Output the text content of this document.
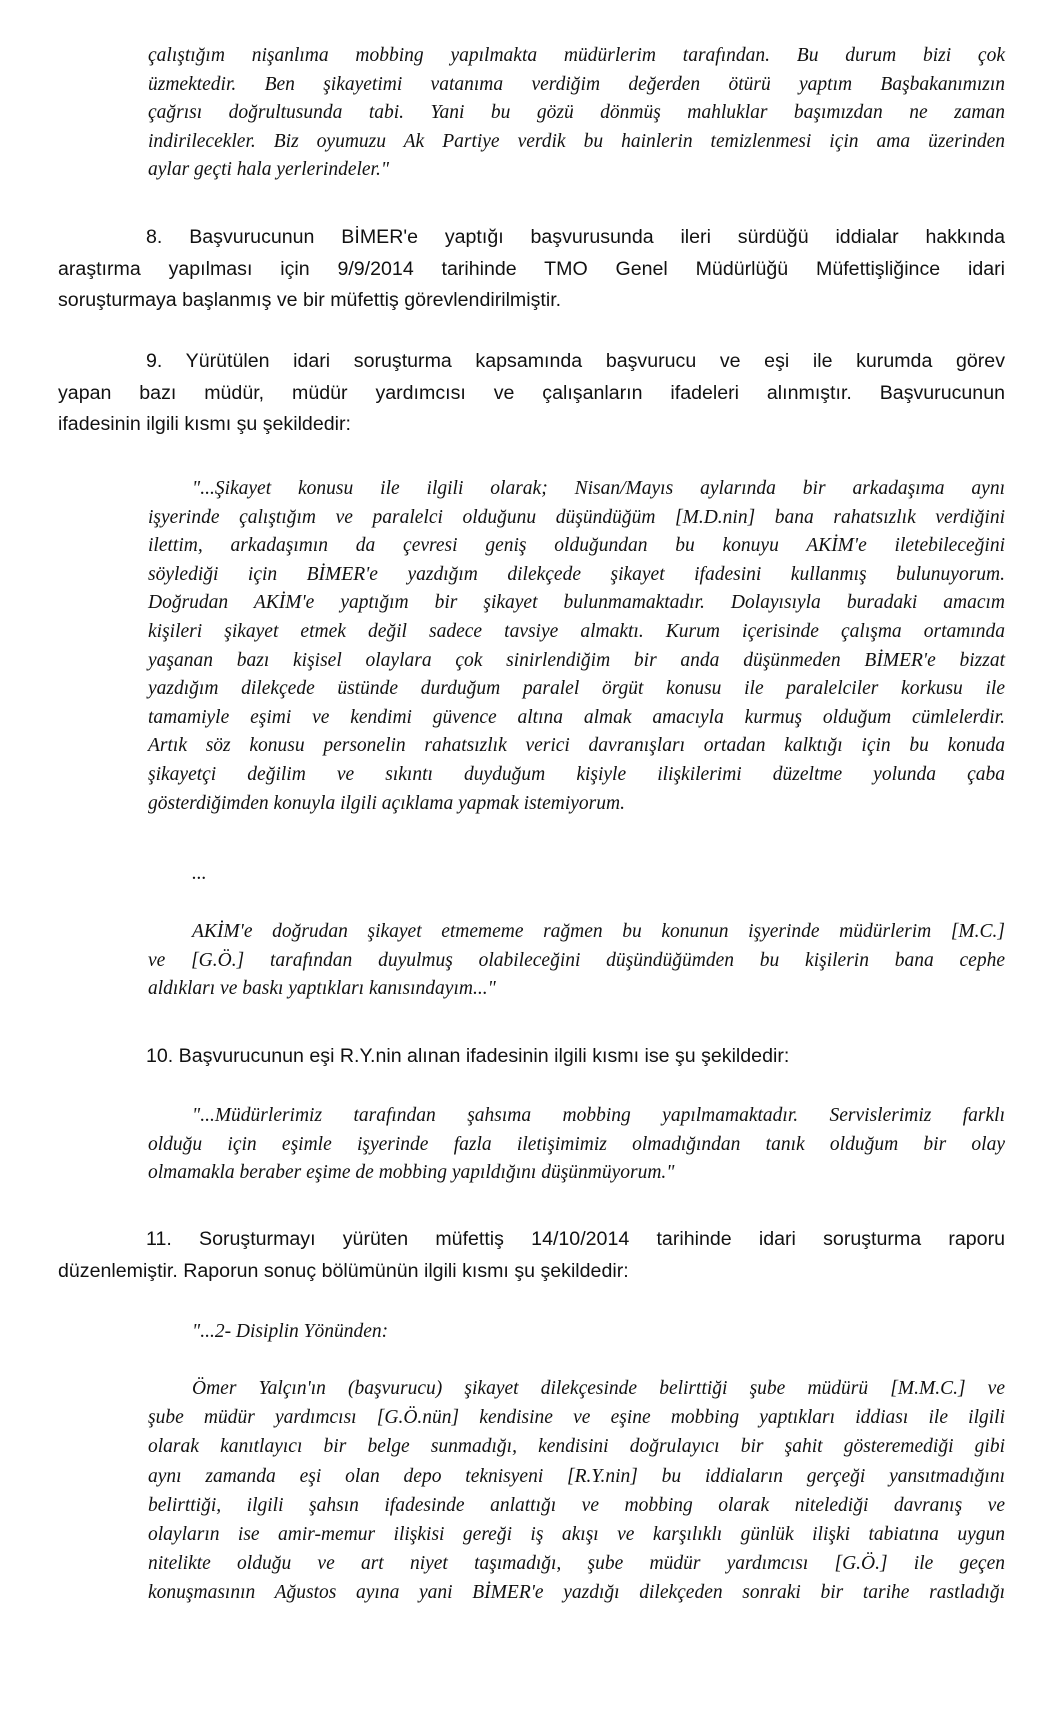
çalıştığım nişanlıma mobbing yapılmakta müdürlerim tarafından. Bu durum bizi çok
üzmektedir. Ben şikayetimi vatanıma verdiğim değerden ötürü yaptım Başbakanımızın
çağrısı doğrultusunda tabi. Yani bu gözü dönmüş mahluklar başımızdan ne zaman
indirilecekler. Biz oyumuzu Ak Partiye verdik bu hainlerin temizlenmesi için ama üzerinden
aylar geçti hala yerlerindeler."
8. Başvurucunun BİMER'e yaptığı başvurusunda ileri sürdüğü iddialar hakkında
araştırma yapılması için 9/9/2014 tarihinde TMO Genel Müdürlüğü Müfettişliğince idari
soruşturmaya başlanmış ve bir müfettiş görevlendirilmiştir.
9. Yürütülen idari soruşturma kapsamında başvurucu ve eşi ile kurumda görev
yapan bazı müdür, müdür yardımcısı ve çalışanların ifadeleri alınmıştır. Başvurucunun
ifadesinin ilgili kısmı şu şekildedir:
"...Şikayet konusu ile ilgili olarak; Nisan/Mayıs aylarında bir arkadaşıma aynı
işyerinde çalıştığım ve paralelci olduğunu düşündüğüm [M.D.nin] bana rahatsızlık verdiğini
ilettim, arkadaşımın da çevresi geniş olduğundan bu konuyu AKİM'e iletebileceğini
söylediği için BİMER'e yazdığım dilekçede şikayet ifadesini kullanmış bulunuyorum.
Doğrudan AKİM'e yaptığım bir şikayet bulunmamaktadır. Dolayısıyla buradaki amacım
kişileri şikayet etmek değil sadece tavsiye almaktı. Kurum içerisinde çalışma ortamında
yaşanan bazı kişisel olaylara çok sinirlendiğim bir anda düşünmeden BİMER'e bizzat
yazdığım dilekçede üstünde durduğum paralel örgüt konusu ile paralelciler korkusu ile
tamamiyle eşimi ve kendimi güvence altına almak amacıyla kurmuş olduğum cümlelerdir.
Artık söz konusu personelin rahatsızlık verici davranışları ortadan kalktığı için bu konuda
şikayetçi değilim ve sıkıntı duyduğum kişiyle ilişkilerimi düzeltme yolunda çaba
gösterdiğimden konuyla ilgili açıklama yapmak istemiyorum.
...
AKİM'e doğrudan şikayet etmememe rağmen bu konunun işyerinde müdürlerim [M.C.]
ve [G.Ö.] tarafından duyulmuş olabileceğini düşündüğümden bu kişilerin bana cephe
aldıkları ve baskı yaptıkları kanısındayım..."
10. Başvurucunun eşi R.Y.nin alınan ifadesinin ilgili kısmı ise şu şekildedir:
"...Müdürlerimiz tarafından şahsıma mobbing yapılmamaktadır. Servislerimiz farklı
olduğu için eşimle işyerinde fazla iletişimimiz olmadığından tanık olduğum bir olay
olmamakla beraber eşime de mobbing yapıldığını düşünmüyorum."
11. Soruşturmayı yürüten müfettiş 14/10/2014 tarihinde idari soruşturma raporu
düzenlemiştir. Raporun sonuç bölümünün ilgili kısmı şu şekildedir:
"...2- Disiplin Yönünden:
Ömer Yalçın'ın (başvurucu) şikayet dilekçesinde belirttiği şube müdürü [M.M.C.] ve
şube müdür yardımcısı [G.Ö.nün] kendisine ve eşine mobbing yaptıkları iddiası ile ilgili
olarak kanıtlayıcı bir belge sunmadığı, kendisini doğrulayıcı bir şahit gösteremediği gibi
aynı zamanda eşi olan depo teknisyeni [R.Y.nin] bu iddiaların gerçeği yansıtmadığını
belirttiği, ilgili şahsın ifadesinde anlattığı ve mobbing olarak nitelediği davranış ve
olayların ise amir-memur ilişkisi gereği iş akışı ve karşılıklı günlük ilişki tabiatına uygun
nitelikte olduğu ve art niyet taşımadığı, şube müdür yardımcısı [G.Ö.] ile geçen
konuşmasının Ağustos ayına yani BİMER'e yazdığı dilekçeden sonraki bir tarihe rastladığı
